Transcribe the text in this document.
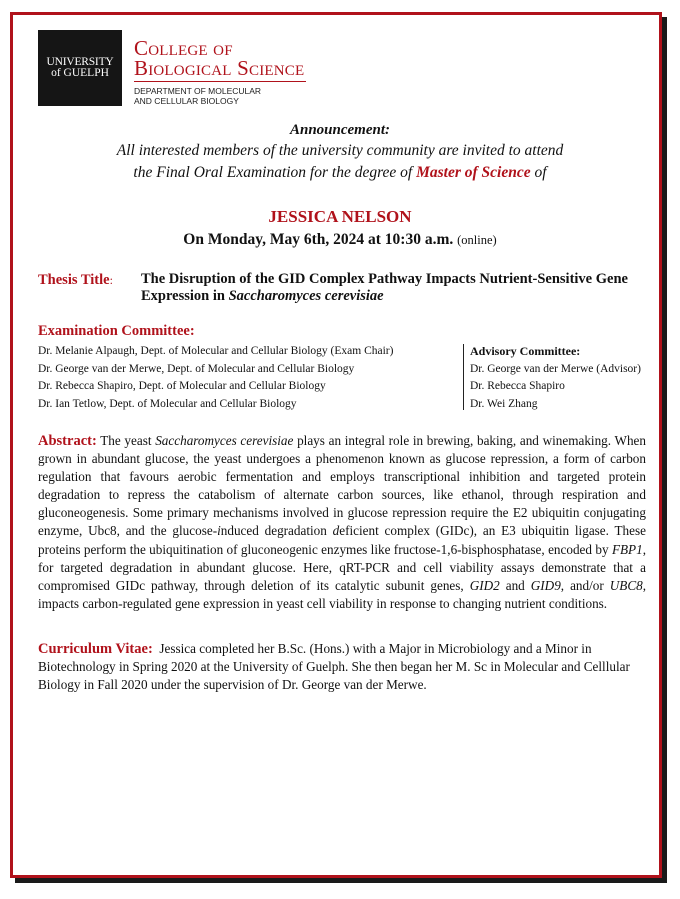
UNIVERSITY
of GUELPH
College of
Biological Science
DEPARTMENT OF MOLECULAR
AND CELLULAR BIOLOGY
Announcement:
All interested members of the university community are invited to attend
the Final Oral Examination for the degree of Master of Science of
JESSICA NELSON
On Monday, May 6th, 2024 at 10:30 a.m. (online)
Thesis Title: The Disruption of the GID Complex Pathway Impacts Nutrient-Sensitive Gene Expression in Saccharomyces cerevisiae
Examination Committee:
Dr. Melanie Alpaugh, Dept. of Molecular and Cellular Biology (Exam Chair)
Dr. George van der Merwe, Dept. of Molecular and Cellular Biology
Dr. Rebecca Shapiro, Dept. of Molecular and Cellular Biology
Dr. Ian Tetlow, Dept. of Molecular and Cellular Biology
Advisory Committee:
Dr. George van der Merwe (Advisor)
Dr. Rebecca Shapiro
Dr. Wei Zhang
Abstract: The yeast Saccharomyces cerevisiae plays an integral role in brewing, baking, and winemaking. When grown in abundant glucose, the yeast undergoes a phenomenon known as glucose repression, a form of carbon regulation that favours aerobic fermentation and employs transcriptional inhibition and targeted protein degradation to repress the catabolism of alternate carbon sources, like ethanol, through respiration and gluconeogenesis. Some primary mechanisms involved in glucose repression require the E2 ubiquitin conjugating enzyme, Ubc8, and the glucose-induced degradation deficient complex (GIDc), an E3 ubiquitin ligase. These proteins perform the ubiquitination of gluconeogenic enzymes like fructose-1,6-bisphosphatase, encoded by FBP1, for targeted degradation in abundant glucose. Here, qRT-PCR and cell viability assays demonstrate that a compromised GIDc pathway, through deletion of its catalytic subunit genes, GID2 and GID9, and/or UBC8, impacts carbon-regulated gene expression in yeast cell viability in response to changing nutrient conditions.
Curriculum Vitae:  Jessica completed her B.Sc. (Hons.) with a Major in Microbiology and a Minor in Biotechnology in Spring 2020 at the University of Guelph. She then began her M. Sc in Molecular and Celllular Biology in Fall 2020 under the supervision of Dr. George van der Merwe.
